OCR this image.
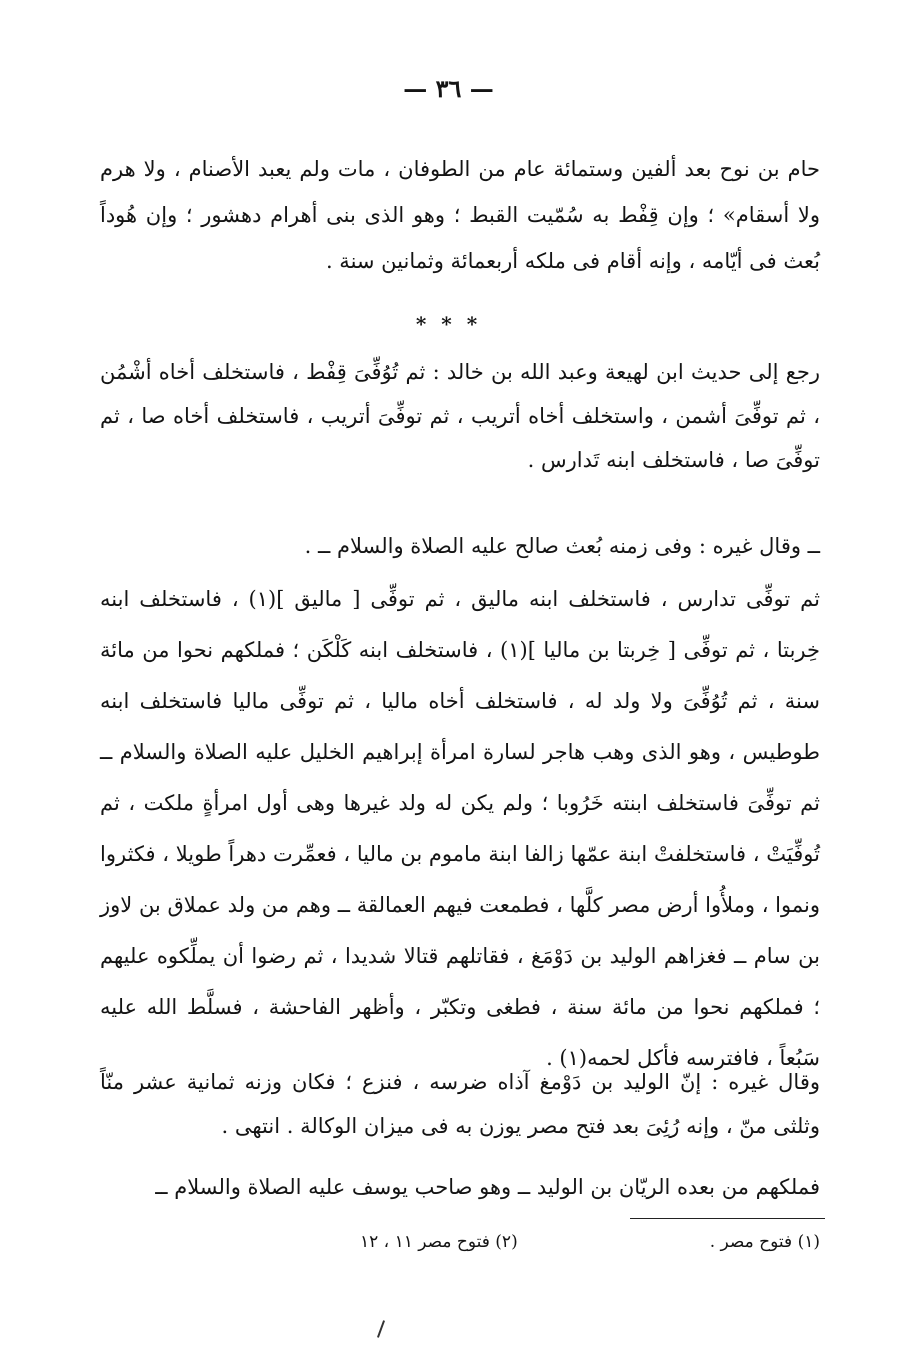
— ٣٦ —
حام بن نوح بعد ألفين وستمائة عام من الطوفان ، مات ولم يعبد الأصنام ، ولا هرم ولا أسقام» ؛ وإن قِفْط به سُمّيت القبط ؛ وهو الذى بنى أهرام دهشور ؛ وإن هُوداً بُعث فى أيّامه ، وإنه أقام فى ملكه أربعمائة وثمانين سنة .
* * *
رجع إلى حديث ابن لهيعة وعبد الله بن خالد : ثم تُوُفِّىَ قِفْط ، فاستخلف أخاه أشْمُن ، ثم توفِّىَ أشمن ، واستخلف أخاه أتريب ، ثم توفِّىَ أتريب ، فاستخلف أخاه صا ، ثم توفِّىَ صا ، فاستخلف ابنه تَدارس .
ــ وقال غيره : وفى زمنه بُعث صالح عليه الصلاة والسلام ــ .
ثم توفِّى تدارس ، فاستخلف ابنه ماليق ، ثم توفِّى [ ماليق ](١) ، فاستخلف ابنه خِربتا ، ثم توفِّى [ خِربتا بن ماليا ](١) ، فاستخلف ابنه كَلْكَن ؛ فملكهم نحوا من مائة سنة ، ثم تُوُفِّىَ ولا ولد له ، فاستخلف أخاه ماليا ، ثم توفِّى ماليا فاستخلف ابنه طوطيس ، وهو الذى وهب هاجر لسارة امرأة إبراهيم الخليل عليه الصلاة والسلام ــ ثم توفِّىَ فاستخلف ابنته خَرُوبا ؛ ولم يكن له ولد غيرها وهى أول امرأةٍ ملكت ، ثم تُوفِّيَتْ ، فاستخلفتْ ابنة عمّها زالفا ابنة ماموم بن ماليا ، فعمِّرت دهراً طويلا ، فكثروا ونموا ، وملأُوا أرض مصر كلَّها ، فطمعت فيهم العمالقة ــ وهم من ولد عملاق بن لاوز بن سام ــ فغزاهم الوليد بن دَوْمَغ ، فقاتلهم قتالا شديدا ، ثم رضوا أن يملِّكوه عليهم ؛ فملكهم نحوا من مائة سنة ، فطغى وتكبّر ، وأظهر الفاحشة ، فسلَّط الله عليه سَبُعاً ، فافترسه فأكل لحمه(١) .
وقال غيره : إنّ الوليد بن دَوْمغ آذاه ضرسه ، فنزع ؛ فكان وزنه ثمانية عشر منّاً وثلثى منّ ، وإنه رُئِىَ بعد فتح مصر يوزن به فى ميزان الوكالة . انتهى .
فملكهم من بعده الريّان بن الوليد ــ وهو صاحب يوسف عليه الصلاة والسلام ــ
(١) فتوح مصر .
(٢) فتوح مصر ١١ ، ١٢
